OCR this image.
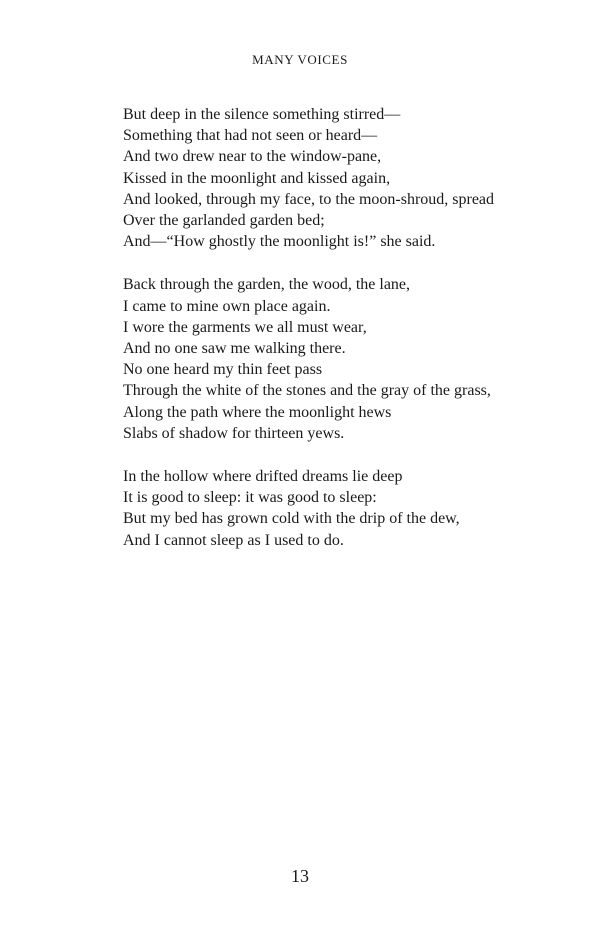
MANY VOICES
But deep in the silence something stirred—
Something that had not seen or heard—
And two drew near to the window-pane,
Kissed in the moonlight and kissed again,
And looked, through my face, to the moon-shroud, spread
Over the garlanded garden bed;
And—“How ghostly the moonlight is!” she said.
Back through the garden, the wood, the lane,
I came to mine own place again.
I wore the garments we all must wear,
And no one saw me walking there.
No one heard my thin feet pass
Through the white of the stones and the gray of the grass,
Along the path where the moonlight hews
Slabs of shadow for thirteen yews.
In the hollow where drifted dreams lie deep
It is good to sleep: it was good to sleep:
But my bed has grown cold with the drip of the dew,
And I cannot sleep as I used to do.
13
